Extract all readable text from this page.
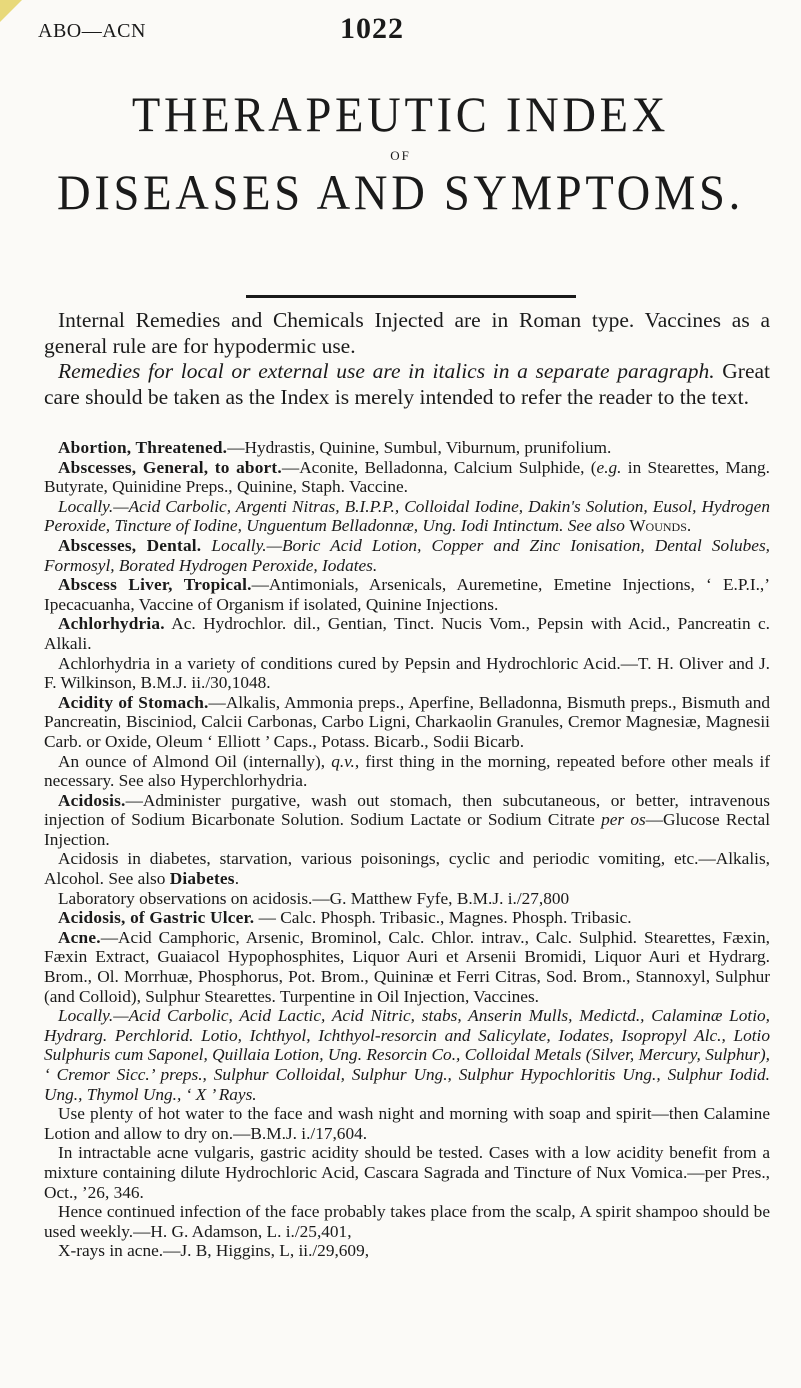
ABO—ACN	1022
THERAPEUTIC INDEX
OF
DISEASES AND SYMPTOMS.

Internal Remedies and Chemicals Injected are in Roman type. Vaccines as a general rule are for hypodermic use.

Remedies for local or external use are in italics in a separate paragraph. Great care should be taken as the Index is merely intended to refer the reader to the text.

Abortion, Threatened.—Hydrastis, Quinine, Sumbul, Viburnum, prunifolium.

Abscesses, General, to abort.—Aconite, Belladonna, Calcium Sulphide, (e.g. in Stearettes, Mang. Butyrate, Quinidine Preps., Quinine, Staph. Vaccine.

Locally.—Acid Carbolic, Argenti Nitras, B.I.P.P., Colloidal Iodine, Dakin's Solution, Eusol, Hydrogen Peroxide, Tincture of Iodine, Unguentum Belladonnæ, Ung. Iodi Intinctum. See also Wounds.

Abscesses, Dental. Locally.—Boric Acid Lotion, Copper and Zinc Ionisation, Dental Solubes, Formosyl, Borated Hydrogen Peroxide, Iodates.

Abscess Liver, Tropical.—Antimonials, Arsenicals, Auremetine, Emetine Injections, ‘ E.P.I.,’ Ipecacuanha, Vaccine of Organism if isolated, Quinine Injections.

Achlorhydria. Ac. Hydrochlor. dil., Gentian, Tinct. Nucis Vom., Pepsin with Acid., Pancreatin c. Alkali.

Achlorhydria in a variety of conditions cured by Pepsin and Hydrochloric Acid.—T. H. Oliver and J. F. Wilkinson, B.M.J. ii./30,1048.

Acidity of Stomach.—Alkalis, Ammonia preps., Aperfine, Belladonna, Bismuth preps., Bismuth and Pancreatin, Bisciniod, Calcii Carbonas, Carbo Ligni, Charkaolin Granules, Cremor Magnesiæ, Magnesii Carb. or Oxide, Oleum ‘ Elliott ’ Caps., Potass. Bicarb., Sodii Bicarb.

An ounce of Almond Oil (internally), q.v., first thing in the morning, repeated before other meals if necessary. See also Hyperchlorhydria.

Acidosis.—Administer purgative, wash out stomach, then subcutaneous, or better, intravenous injection of Sodium Bicarbonate Solution. Sodium Lactate or Sodium Citrate per os—Glucose Rectal Injection.

Acidosis in diabetes, starvation, various poisonings, cyclic and periodic vomiting, etc.—Alkalis, Alcohol. See also Diabetes.

Laboratory observations on acidosis.—G. Matthew Fyfe, B.M.J. i./27,800

Acidosis, of Gastric Ulcer. — Calc. Phosph. Tribasic., Magnes. Phosph. Tribasic.

Acne.—Acid Camphoric, Arsenic, Brominol, Calc. Chlor. intrav., Calc. Sulphid. Stearettes, Fæxin, Fæxin Extract, Guaiacol Hypophosphites, Liquor Auri et Arsenii Bromidi, Liquor Auri et Hydrarg. Brom., Ol. Morrhuæ, Phosphorus, Pot. Brom., Quininæ et Ferri Citras, Sod. Brom., Stannoxyl, Sulphur (and Colloid), Sulphur Stearettes. Turpentine in Oil Injection, Vaccines.

Locally.—Acid Carbolic, Acid Lactic, Acid Nitric, stabs, Anserin Mulls, Medictd., Calaminæ Lotio, Hydrarg. Perchlorid. Lotio, Ichthyol, Ichthyol-resorcin and Salicylate, Iodates, Isopropyl Alc., Lotio Sulphuris cum Saponel, Quillaia Lotion, Ung. Resorcin Co., Colloidal Metals (Silver, Mercury, Sulphur), ‘ Cremor Sicc.’ preps., Sulphur Colloidal, Sulphur Ung., Sulphur Hypochloritis Ung., Sulphur Iodid. Ung., Thymol Ung., ‘ X ’ Rays.

Use plenty of hot water to the face and wash night and morning with soap and spirit—then Calamine Lotion and allow to dry on.—B.M.J. i./17,604.

In intractable acne vulgaris, gastric acidity should be tested. Cases with a low acidity benefit from a mixture containing dilute Hydrochloric Acid, Cascara Sagrada and Tincture of Nux Vomica.—per Pres., Oct., ’26, 346.

Hence continued infection of the face probably takes place from the scalp, A spirit shampoo should be used weekly.—H. G. Adamson, L. i./25,401,

X-rays in acne.—J. B, Higgins, L, ii./29,609,
